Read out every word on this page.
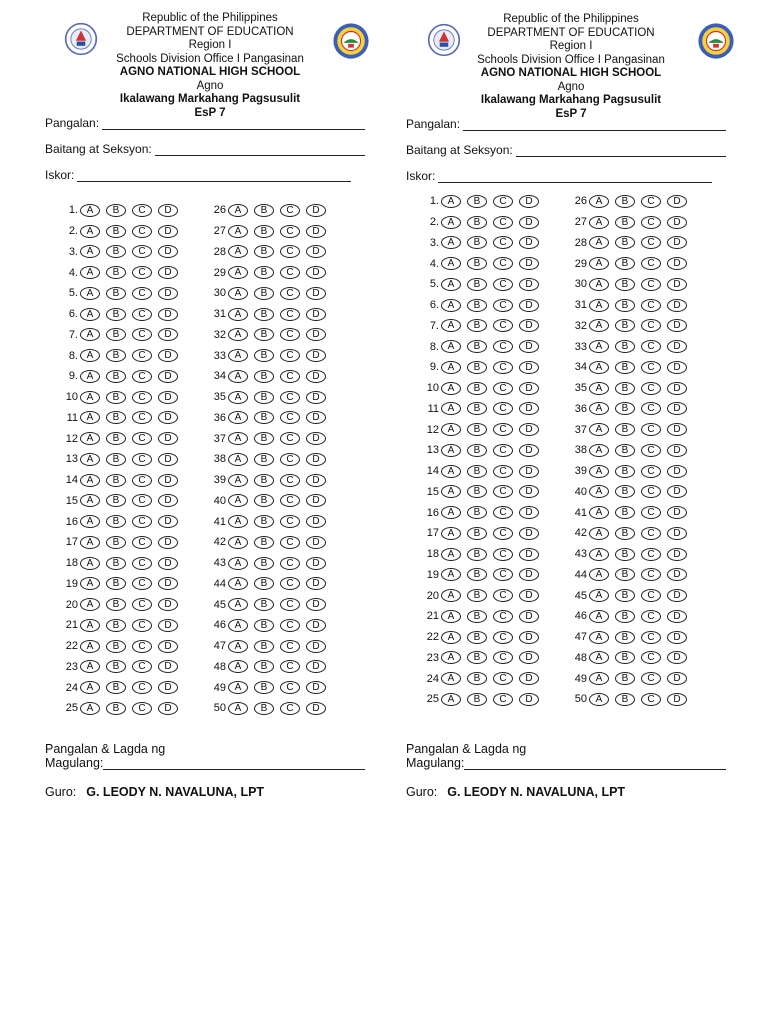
Republic of the Philippines
DEPARTMENT OF EDUCATION
Region I
Schools Division Office I Pangasinan
AGNO NATIONAL HIGH SCHOOL
Agno
Ikalawang Markahang Pagsusulit
EsP 7
Pangalan:
Baitang at Seksyon:
Iskor:
1. A	B	C	D
2. A	B	C	D
3. A	B	C	D
4. A	B	C	D
5. A	B	C	D
6. A	B	C	D
7. A	B	C	D
8. A	B	C	D
9. A	B	C	D
10 A	B	C	D
11 A	B	C	D
12 A	B	C	D
13 A	B	C	D
14 A	B	C	D
15 A	B	C	D
16 A	B	C	D
17 A	B	C	D
18 A	B	C	D
19 A	B	C	D
20 A	B	C	D
21 A	B	C	D
22 A	B	C	D
23 A	B	C	D
24 A	B	C	D
25 A	B	C	D
26 A	B	C	D
27 A	B	C	D
28 A	B	C	D
29 A	B	C	D
30 A	B	C	D
31 A	B	C	D
32 A	B	C	D
33 A	B	C	D
34 A	B	C	D
35 A	B	C	D
36 A	B	C	D
37 A	B	C	D
38 A	B	C	D
39 A	B	C	D
40 A	B	C	D
41 A	B	C	D
42 A	B	C	D
43 A	B	C	D
44 A	B	C	D
45 A	B	C	D
46 A	B	C	D
47 A	B	C	D
48 A	B	C	D
49 A	B	C	D
50 A	B	C	D
Pangalan & Lagda ng
Magulang:
Guro: G. LEODY N. NAVALUNA, LPT
Republic of the Philippines
DEPARTMENT OF EDUCATION
Region I
Schools Division Office I Pangasinan
AGNO NATIONAL HIGH SCHOOL
Agno
Ikalawang Markahang Pagsusulit
EsP 7
Pangalan:
Baitang at Seksyon:
Iskor:
1. A	B	C	D
2. A	B	C	D
3. A	B	C	D
4. A	B	C	D
5. A	B	C	D
6. A	B	C	D
7. A	B	C	D
8. A	B	C	D
9. A	B	C	D
10 A	B	C	D
11 A	B	C	D
12 A	B	C	D
13 A	B	C	D
14 A	B	C	D
15 A	B	C	D
16 A	B	C	D
17 A	B	C	D
18 A	B	C	D
19 A	B	C	D
20 A	B	C	D
21 A	B	C	D
22 A	B	C	D
23 A	B	C	D
24 A	B	C	D
25 A	B	C	D
26 A	B	C	D
27 A	B	C	D
28 A	B	C	D
29 A	B	C	D
30 A	B	C	D
31 A	B	C	D
32 A	B	C	D
33 A	B	C	D
34 A	B	C	D
35 A	B	C	D
36 A	B	C	D
37 A	B	C	D
38 A	B	C	D
39 A	B	C	D
40 A	B	C	D
41 A	B	C	D
42 A	B	C	D
43 A	B	C	D
44 A	B	C	D
45 A	B	C	D
46 A	B	C	D
47 A	B	C	D
48 A	B	C	D
49 A	B	C	D
50 A	B	C	D
Pangalan & Lagda ng
Magulang:
Guro: G. LEODY N. NAVALUNA, LPT
